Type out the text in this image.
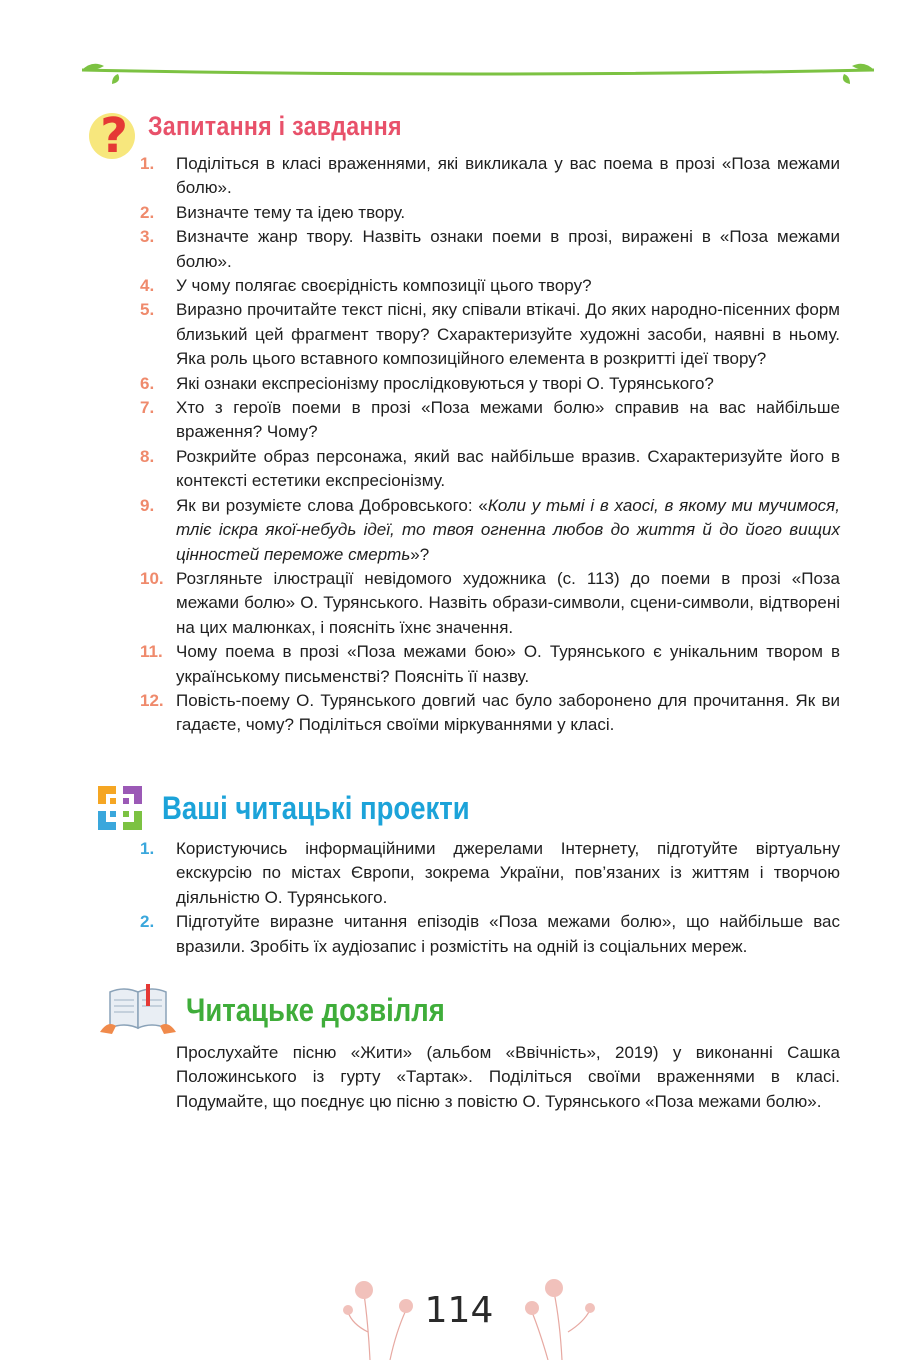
? Запитання і завдання
1. Поділіться в класі враженнями, які викликала у вас поема в прозі «Поза межами болю».
2. Визначте тему та ідею твору.
3. Визначте жанр твору. Назвіть ознаки поеми в прозі, виражені в «Поза межами болю».
4. У чому полягає своєрідність композиції цього твору?
5. Виразно прочитайте текст пісні, яку співали втікачі. До яких народно-пісенних форм близький цей фрагмент твору? Схарактеризуйте художні засоби, наявні в ньому. Яка роль цього вставного композиційного елемента в розкритті ідеї твору?
6. Які ознаки експресіонізму прослідковуються у творі О. Турянського?
7. Хто з героїв поеми в прозі «Поза межами болю» справив на вас найбільше враження? Чому?
8. Розкрийте образ персонажа, який вас найбільше вразив. Схарактеризуйте його в контексті естетики експресіонізму.
9. Як ви розумієте слова Добровського: «Коли у тьмі і в хаосі, в якому ми мучимося, тліє іскра якої-небудь ідеї, то твоя огненна любов до життя й до його вищих цінностей переможе смерть»?
10. Розгляньте ілюстрації невідомого художника (с. 113) до поеми в прозі «Поза межами болю» О. Турянського. Назвіть образи-символи, сцени-символи, відтворені на цих малюнках, і поясніть їхнє значення.
11. Чому поема в прозі «Поза межами бою» О. Турянського є унікальним твором в українському письменстві? Поясніть її назву.
12. Повість-поему О. Турянського довгий час було заборонено для прочитання. Як ви гадаєте, чому? Поділіться своїми міркуваннями у класі.
Ваші читацькі проекти
1. Користуючись інформаційними джерелами Інтернету, підготуйте віртуальну екскурсію по містах Європи, зокрема України, пов’язаних із життям і творчою діяльністю О. Турянського.
2. Підготуйте виразне читання епізодів «Поза межами болю», що найбільше вас вразили. Зробіть їх аудіозапис і розмістіть на одній із соціальних мереж.
Читацьке дозвілля

Прослухайте пісню «Жити» (альбом «Ввічність», 2019) у виконанні Сашка Положинського із гурту «Тартак». Поділіться своїми враженнями в класі. Подумайте, що поєднує цю пісню з повістю О. Турянського «Поза межами болю».

114
